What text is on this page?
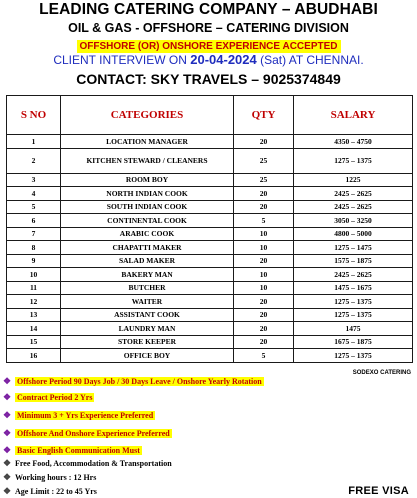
LEADING CATERING COMPANY – ABUDHABI
OIL & GAS - OFFSHORE – CATERING DIVISION
OFFSHORE (OR) ONSHORE EXPERIENCE ACCEPTED
CLIENT INTERVIEW ON 20-04-2024 (Sat) AT CHENNAI.
CONTACT: SKY TRAVELS – 9025374849
S NO	CATEGORIES	QTY	SALARY
1	LOCATION MANAGER	20	4350 – 4750
2	KITCHEN STEWARD / CLEANERS	25	1275 – 1375
3	ROOM BOY	25	1225
4	NORTH INDIAN COOK	20	2425 – 2625
5	SOUTH INDIAN COOK	20	2425 – 2625
6	CONTINENTAL COOK	5	3050 – 3250
7	ARABIC COOK	10	4800 – 5000
8	CHAPATTI MAKER	10	1275 – 1475
9	SALAD MAKER	20	1575 – 1875
10	BAKERY MAN	10	2425 – 2625
11	BUTCHER	10	1475 – 1675
12	WAITER	20	1275 – 1375
13	ASSISTANT COOK	20	1275 – 1375
14	LAUNDRY MAN	20	1475
15	STORE KEEPER	20	1675 – 1875
16	OFFICE BOY	5	1275 – 1375
SODEXO CATERING
❖ Offshore Period 90 Days Job / 30 Days Leave / Onshore Yearly Rotation
❖ Contract Period 2 Yrs
❖ Minimum 3 + Yrs Experience Preferred
❖ Offshore And Onshore Experience Preferred
❖ Basic English Communication Must
❖ Free Food, Accommodation & Transportation
❖ Working hours : 12 Hrs
❖ Age Limit : 22 to 45 Yrs	FREE VISA
